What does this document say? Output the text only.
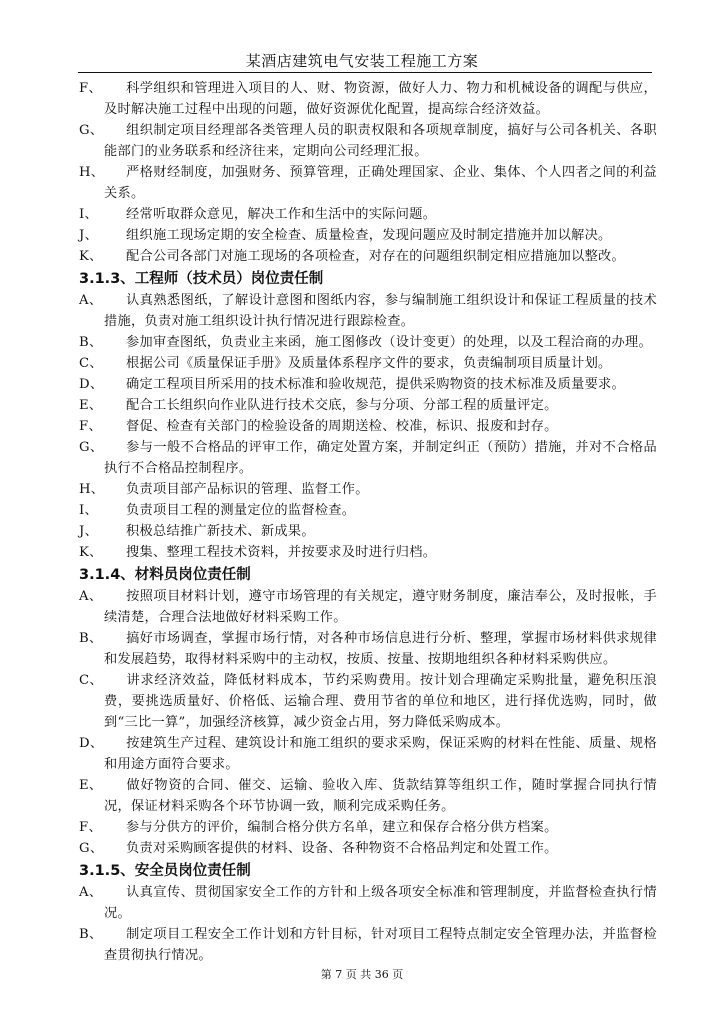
某酒店建筑电气安装工程施工方案
F、 科学组织和管理进入项目的人、财、物资源，做好人力、物力和机械设备的调配与供应，及时解决施工过程中出现的问题，做好资源优化配置，提高综合经济效益。
G、 组织制定项目经理部各类管理人员的职责权限和各项规章制度，搞好与公司各机关、各职能部门的业务联系和经济往来，定期向公司经理汇报。
H、 严格财经制度，加强财务、预算管理，正确处理国家、企业、集体、个人四者之间的利益关系。
I、 经常听取群众意见，解决工作和生活中的实际问题。
J、 组织施工现场定期的安全检查、质量检查，发现问题应及时制定措施并加以解决。
K、 配合公司各部门对施工现场的各项检查，对存在的问题组织制定相应措施加以整改。
3.1.3、工程师（技术员）岗位责任制
A、 认真熟悉图纸，了解设计意图和图纸内容，参与编制施工组织设计和保证工程质量的技术措施，负责对施工组织设计执行情况进行跟踪检查。
B、 参加审查图纸，负责业主来函，施工图修改（设计变更）的处理，以及工程洽商的办理。
C、 根据公司《质量保证手册》及质量体系程序文件的要求，负责编制项目质量计划。
D、 确定工程项目所采用的技术标准和验收规范，提供采购物资的技术标准及质量要求。
E、 配合工长组织向作业队进行技术交底，参与分项、分部工程的质量评定。
F、 督促、检查有关部门的检验设备的周期送检、校准，标识、报废和封存。
G、 参与一般不合格品的评审工作，确定处置方案，并制定纠正（预防）措施，并对不合格品执行不合格品控制程序。
H、 负责项目部产品标识的管理、监督工作。
I、 负责项目工程的测量定位的监督检查。
J、 积极总结推广新技术、新成果。
K、 搜集、整理工程技术资料，并按要求及时进行归档。
3.1.4、材料员岗位责任制
A、 按照项目材料计划，遵守市场管理的有关规定，遵守财务制度，廉洁奉公，及时报帐，手续清楚，合理合法地做好材料采购工作。
B、 搞好市场调查，掌握市场行情，对各种市场信息进行分析、整理，掌握市场材料供求规律和发展趋势，取得材料采购中的主动权，按质、按量、按期地组织各种材料采购供应。
C、 讲求经济效益，降低材料成本，节约采购费用。按计划合理确定采购批量，避免积压浪费，要挑选质量好、价格低、运输合理、费用节省的单位和地区，进行择优选购，同时，做到“三比一算”，加强经济核算，减少资金占用，努力降低采购成本。
D、 按建筑生产过程、建筑设计和施工组织的要求采购，保证采购的材料在性能、质量、规格和用途方面符合要求。
E、 做好物资的合同、催交、运输、验收入库、货款结算等组织工作，随时掌握合同执行情况，保证材料采购各个环节协调一致，顺利完成采购任务。
F、 参与分供方的评价，编制合格分供方名单，建立和保存合格分供方档案。
G、 负责对采购顾客提供的材料、设备、各种物资不合格品判定和处置工作。
3.1.5、安全员岗位责任制
A、 认真宣传、贯彻国家安全工作的方针和上级各项安全标准和管理制度，并监督检查执行情况。
B、 制定项目工程安全工作计划和方针目标，针对项目工程特点制定安全管理办法，并监督检查贯彻执行情况。
第 7 页 共 36 页
